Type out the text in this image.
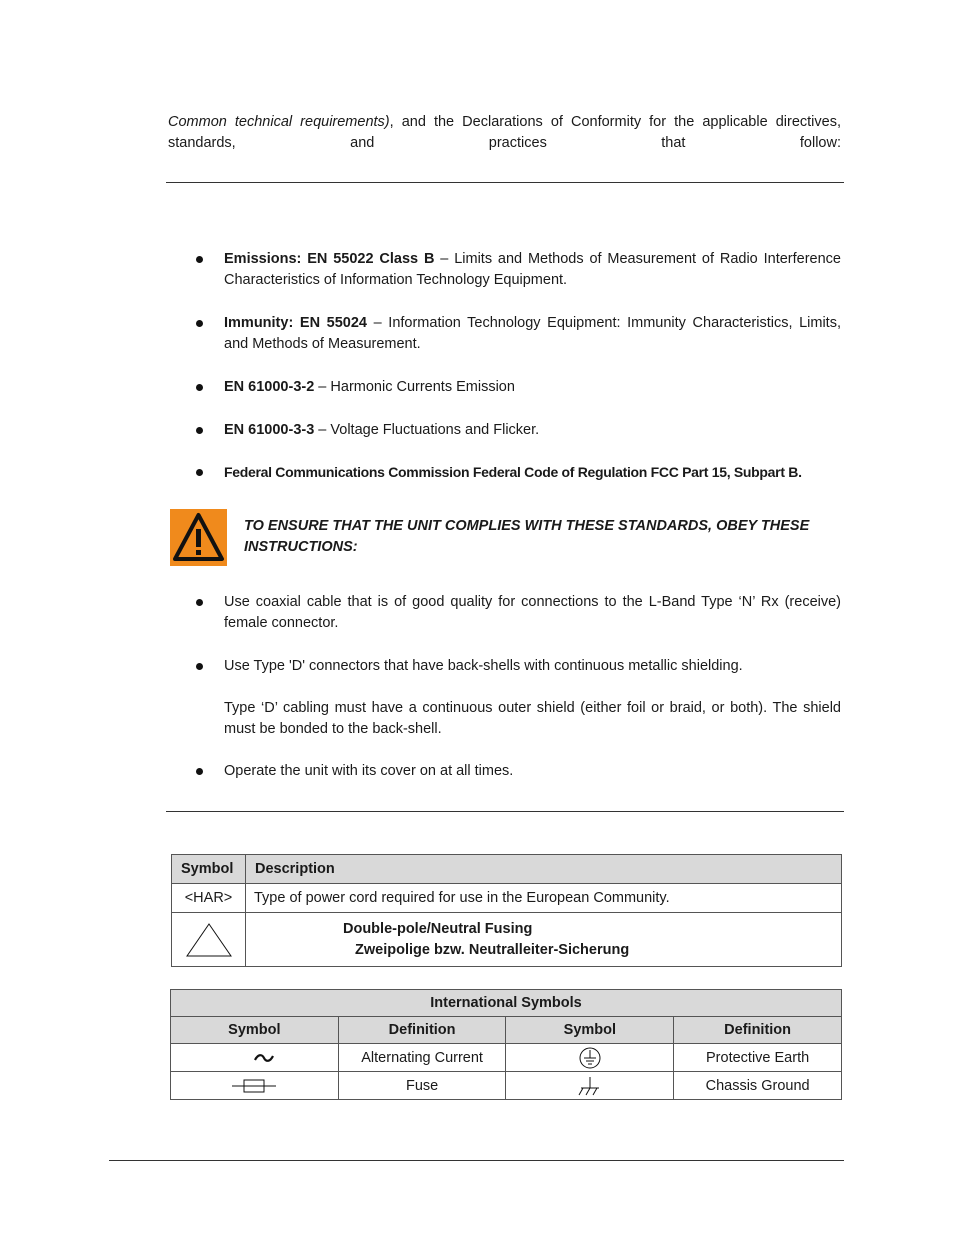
Common technical requirements), and the Declarations of Conformity for the applicable directives, standards, and practices that follow:
Emissions: EN 55022 Class B – Limits and Methods of Measurement of Radio Interference Characteristics of Information Technology Equipment.
Immunity: EN 55024 – Information Technology Equipment: Immunity Characteristics, Limits, and Methods of Measurement.
EN 61000-3-2 – Harmonic Currents Emission
EN 61000-3-3 – Voltage Fluctuations and Flicker.
Federal Communications Commission Federal Code of Regulation FCC Part 15, Subpart B.
TO ENSURE THAT THE UNIT COMPLIES WITH THESE STANDARDS, OBEY THESE INSTRUCTIONS:
Use coaxial cable that is of good quality for connections to the L-Band Type ‘N’ Rx (receive) female connector.
Use Type 'D' connectors that have back-shells with continuous metallic shielding.
Type ‘D’ cabling must have a continuous outer shield (either foil or braid, or both). The shield must be bonded to the back-shell.
Operate the unit with its cover on at all times.
Symbol	Description
<HAR>	Type of power cord required for use in the European Community.

Double-pole/Neutral Fusing
Zweipolige bzw. Neutralleiter-Sicherung
International Symbols			
Symbol	Definition	Symbol	Definition

	Alternating Current		Protective Earth

	Fuse		Chassis Ground
